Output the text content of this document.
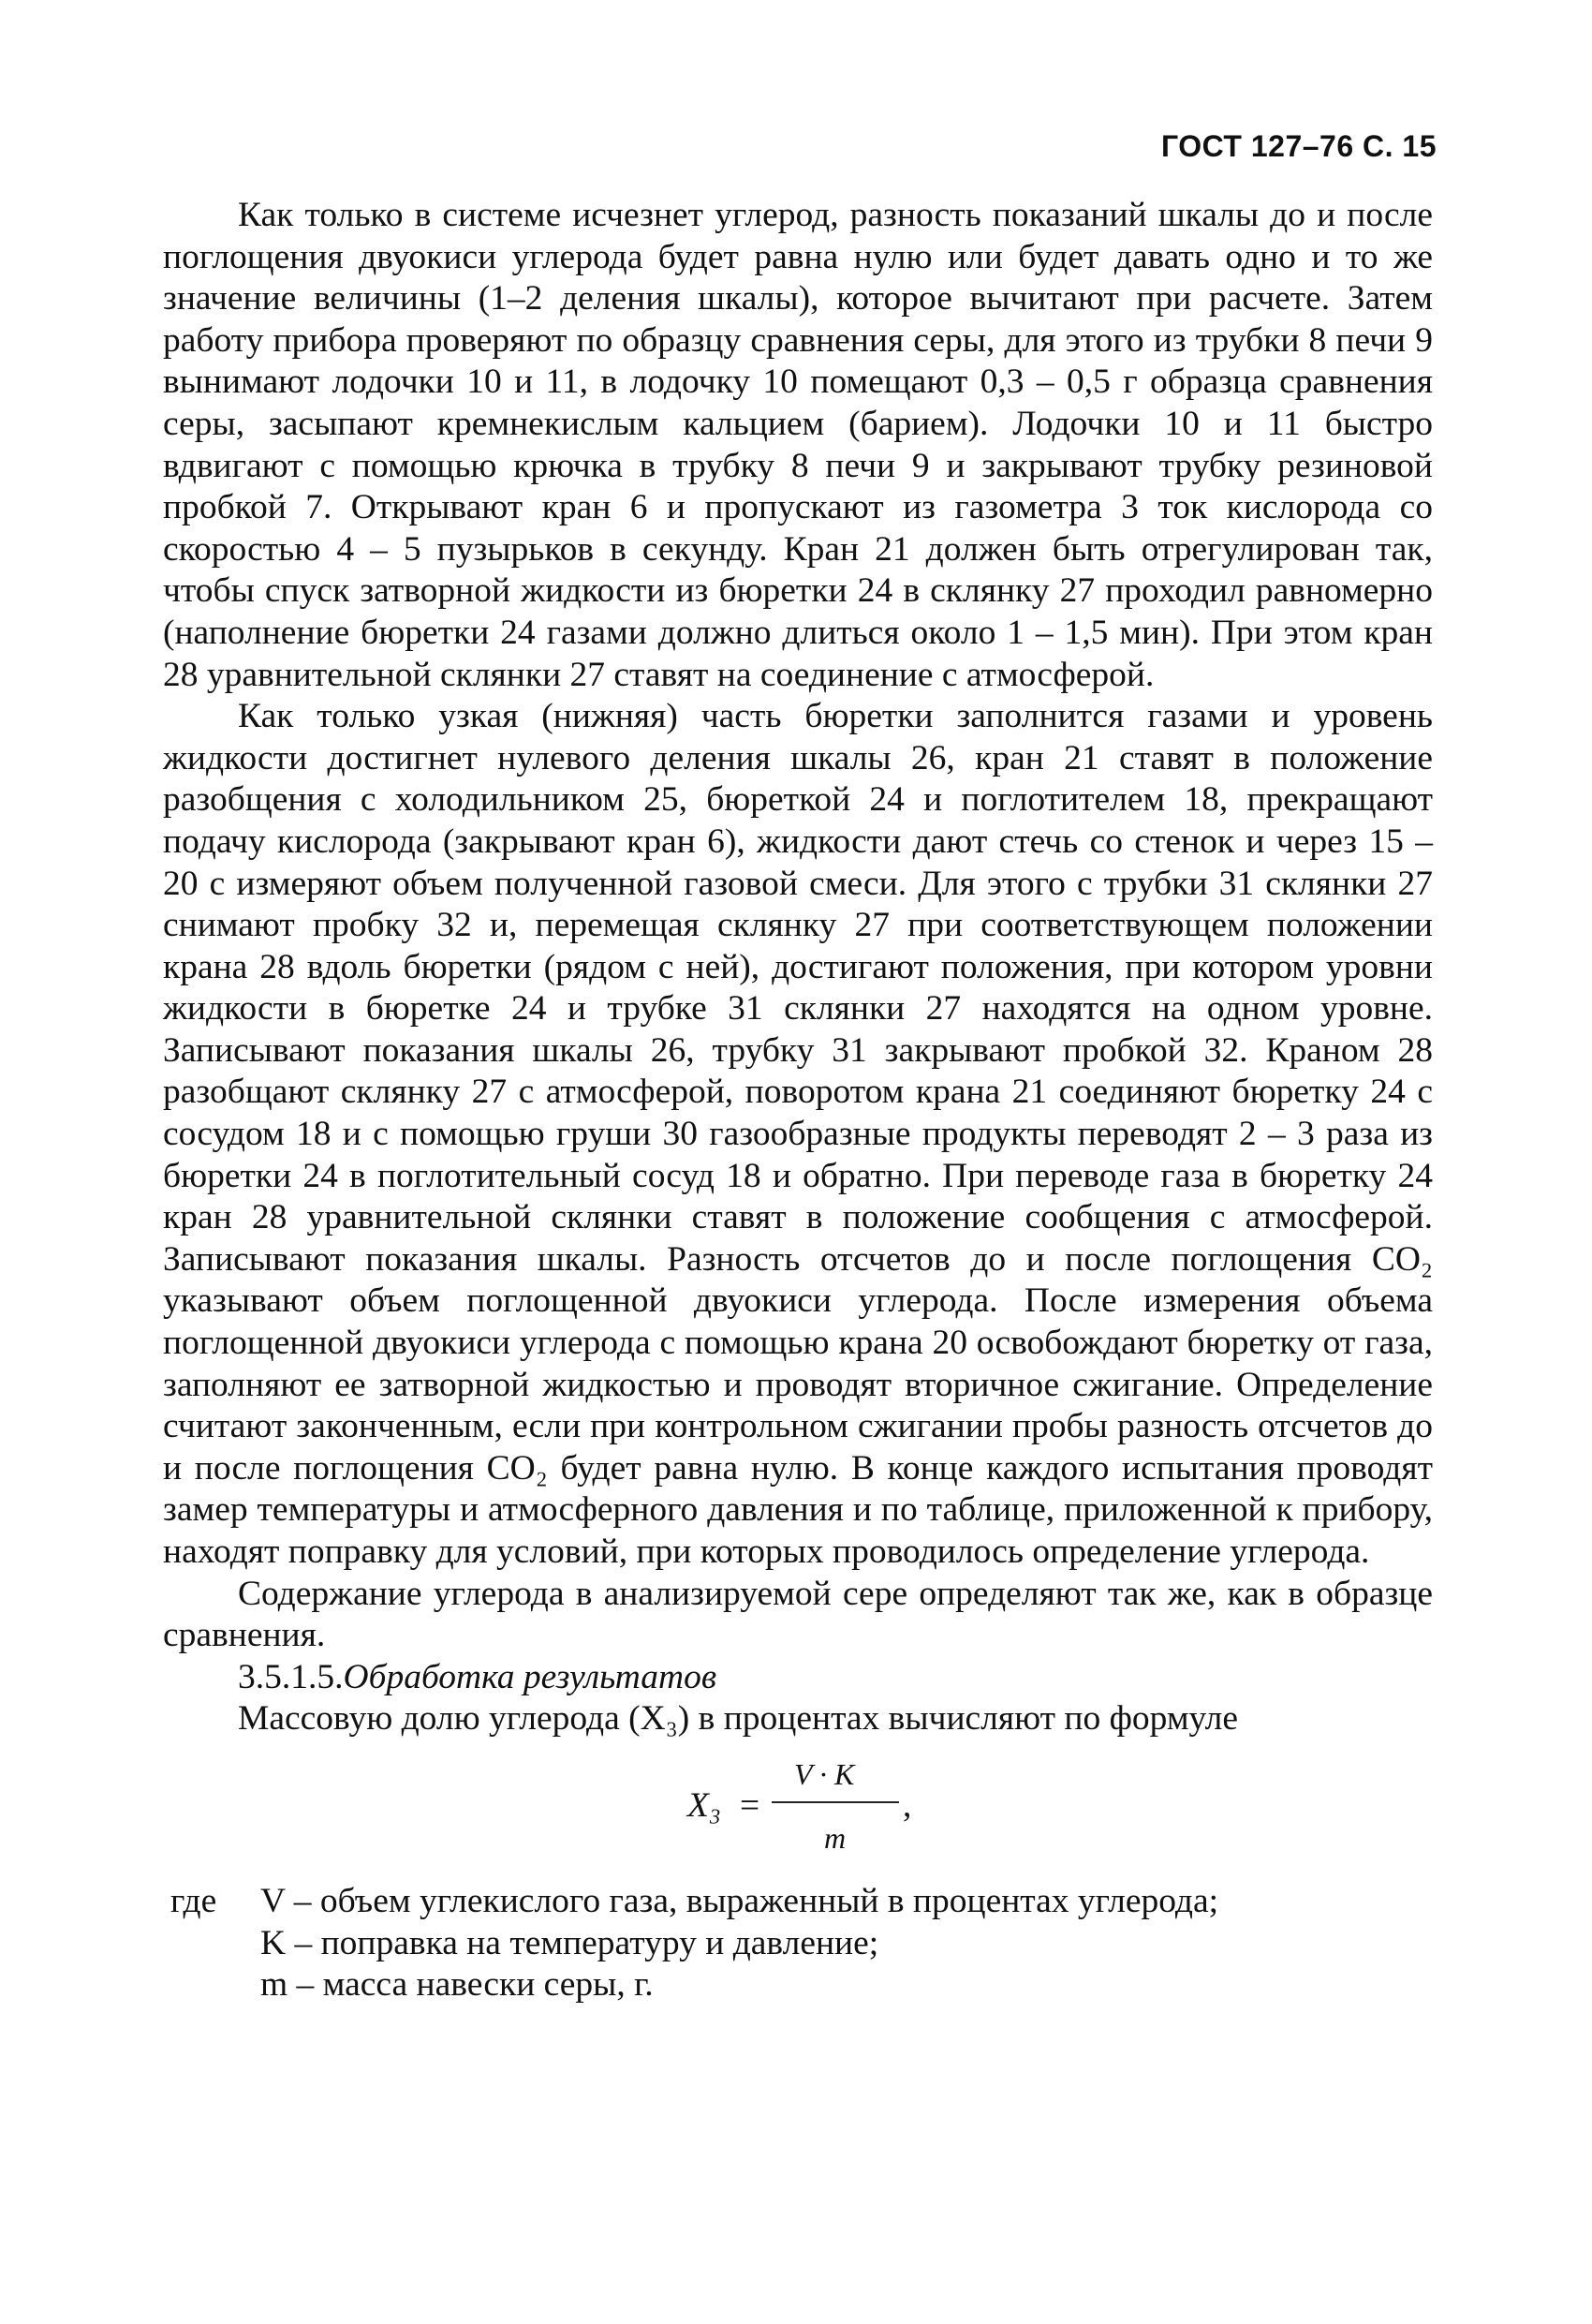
ГОСТ 127–76 С. 15

Как только в системе исчезнет углерод, разность показаний шкалы до и после поглощения двуокиси углерода будет равна нулю или будет давать одно и то же значение величины (1–2 деления шкалы), которое вычитают при расчете. Затем работу прибора проверяют по образцу сравнения серы, для этого из трубки 8 печи 9 вынимают лодочки 10 и 11, в лодочку 10 помещают 0,3 – 0,5 г образца сравнения серы, засыпают кремнекислым кальцием (барием). Лодочки 10 и 11 быстро вдвигают с помощью крючка в трубку 8 печи 9 и закрывают трубку резиновой пробкой 7. Открывают кран 6 и пропускают из газометра 3 ток кислорода со скоростью 4 – 5 пузырьков в секунду. Кран 21 должен быть отрегулирован так, чтобы спуск затворной жидкости из бюретки 24 в склянку 27 проходил равномерно (наполнение бюретки 24 газами должно длиться около 1 – 1,5 мин). При этом кран 28 уравнительной склянки 27 ставят на соединение с атмосферой.

Как только узкая (нижняя) часть бюретки заполнится газами и уровень жидкости достигнет нулевого деления шкалы 26, кран 21 ставят в положение разобщения с холодильником 25, бюреткой 24 и поглотителем 18, прекращают подачу кислорода (закрывают кран 6), жидкости дают стечь со стенок и через 15 – 20 с измеряют объем полученной газовой смеси. Для этого с трубки 31 склянки 27 снимают пробку 32 и, перемещая склянку 27 при соответствующем положении крана 28 вдоль бюретки (рядом с ней), достигают положения, при котором уровни жидкости в бюретке 24 и трубке 31 склянки 27 находятся на одном уровне. Записывают показания шкалы 26, трубку 31 закрывают пробкой 32. Краном 28 разобщают склянку 27 с атмосферой, поворотом крана 21 соединяют бюретку 24 с сосудом 18 и с помощью груши 30 газообразные продукты переводят 2 – 3 раза из бюретки 24 в поглотительный сосуд 18 и обратно. При переводе газа в бюретку 24 кран 28 уравнительной склянки ставят в положение сообщения с атмосферой. Записывают показания шкалы. Разность отсчетов до и после поглощения CO₂ указывают объем поглощенной двуокиси углерода. После измерения объема поглощенной двуокиси углерода с помощью крана 20 освобождают бюретку от газа, заполняют ее затворной жидкостью и проводят вторичное сжигание. Определение считают законченным, если при контрольном сжигании пробы разность отсчетов до и после поглощения CO₂ будет равна нулю. В конце каждого испытания проводят замер температуры и атмосферного давления и по таблице, приложенной к прибору, находят поправку для условий, при которых проводилось определение углерода.

Содержание углерода в анализируемой сере определяют так же, как в образце сравнения.

3.5.1.5.Обработка результатов

Массовую долю углерода (X₃) в процентах вычисляют по формуле

X₃ =
V · K
,
m
где V – объем углекислого газа, выраженный в процентах углерода;
K – поправка на температуру и давление;
m – масса навески серы, г.
